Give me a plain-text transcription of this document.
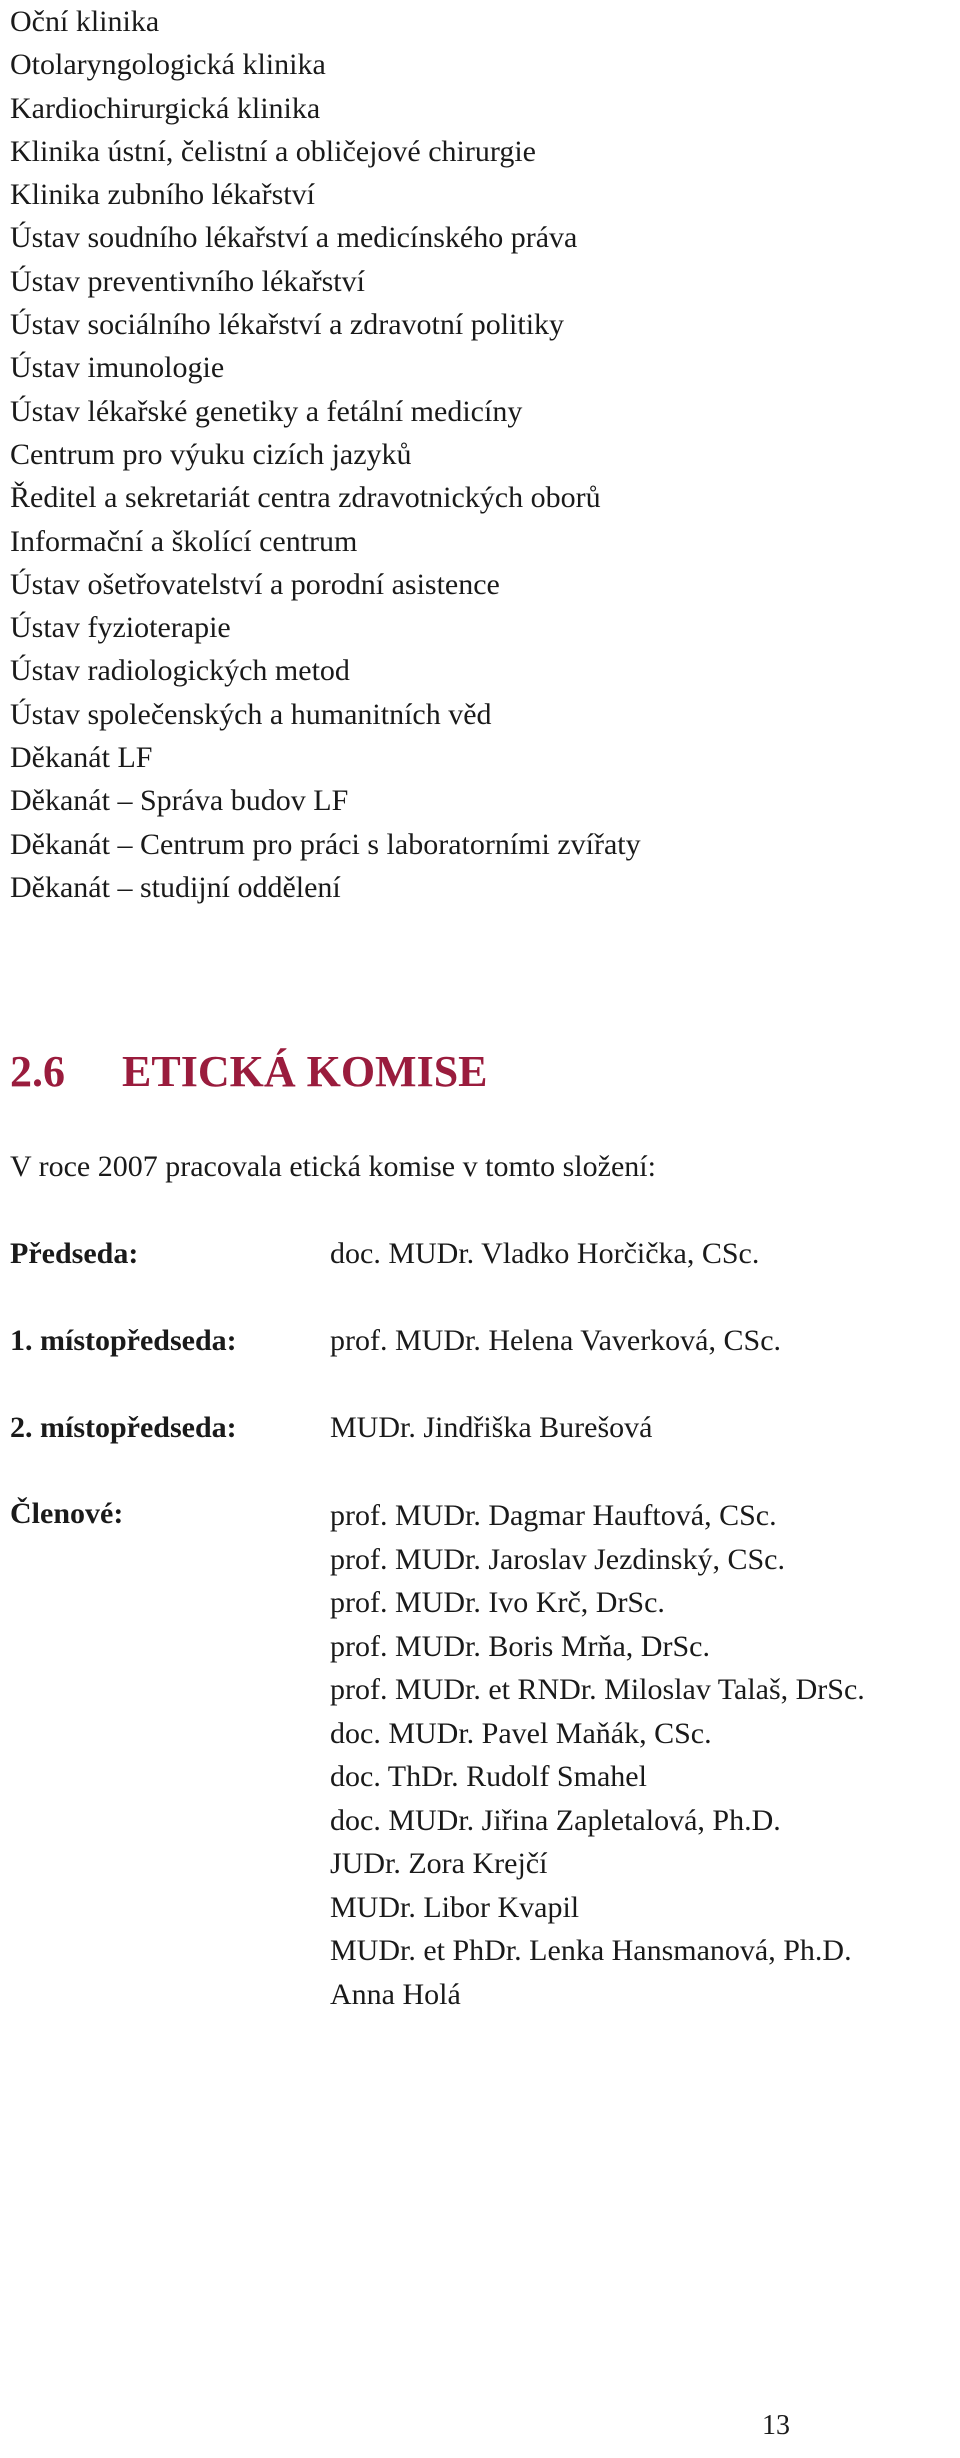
Oční klinika
Otolaryngologická klinika
Kardiochirurgická klinika
Klinika ústní, čelistní a obličejové chirurgie
Klinika zubního lékařství
Ústav soudního lékařství a medicínského práva
Ústav preventivního lékařství
Ústav sociálního lékařství a zdravotní politiky
Ústav imunologie
Ústav lékařské genetiky a fetální medicíny
Centrum pro výuku cizích jazyků
Ředitel a sekretariát centra zdravotnických oborů
Informační a školící centrum
Ústav ošetřovatelství a porodní asistence
Ústav fyzioterapie
Ústav radiologických metod
Ústav společenských a humanitních věd
Děkanát LF
Děkanát – Správa budov LF
Děkanát – Centrum pro práci s laboratorními zvířaty
Děkanát – studijní oddělení
2.6 ETICKÁ KOMISE
V roce 2007 pracovala etická komise v tomto složení:
Předseda:	doc. MUDr. Vladko Horčička, CSc.
1. místopředseda:	prof. MUDr. Helena Vaverková, CSc.
2. místopředseda:	MUDr. Jindřiška Burešová
Členové:	prof. MUDr. Dagmar Hauftová, CSc.
prof. MUDr. Jaroslav Jezdinský, CSc.
prof. MUDr. Ivo Krč, DrSc.
prof. MUDr. Boris Mrňa, DrSc.
prof. MUDr. et RNDr. Miloslav Talaš, DrSc.
doc. MUDr. Pavel Maňák, CSc.
doc. ThDr. Rudolf Smahel
doc. MUDr. Jiřina Zapletalová, Ph.D.
JUDr. Zora Krejčí
MUDr. Libor Kvapil
MUDr. et PhDr. Lenka Hansmanová, Ph.D.
Anna Holá
13
